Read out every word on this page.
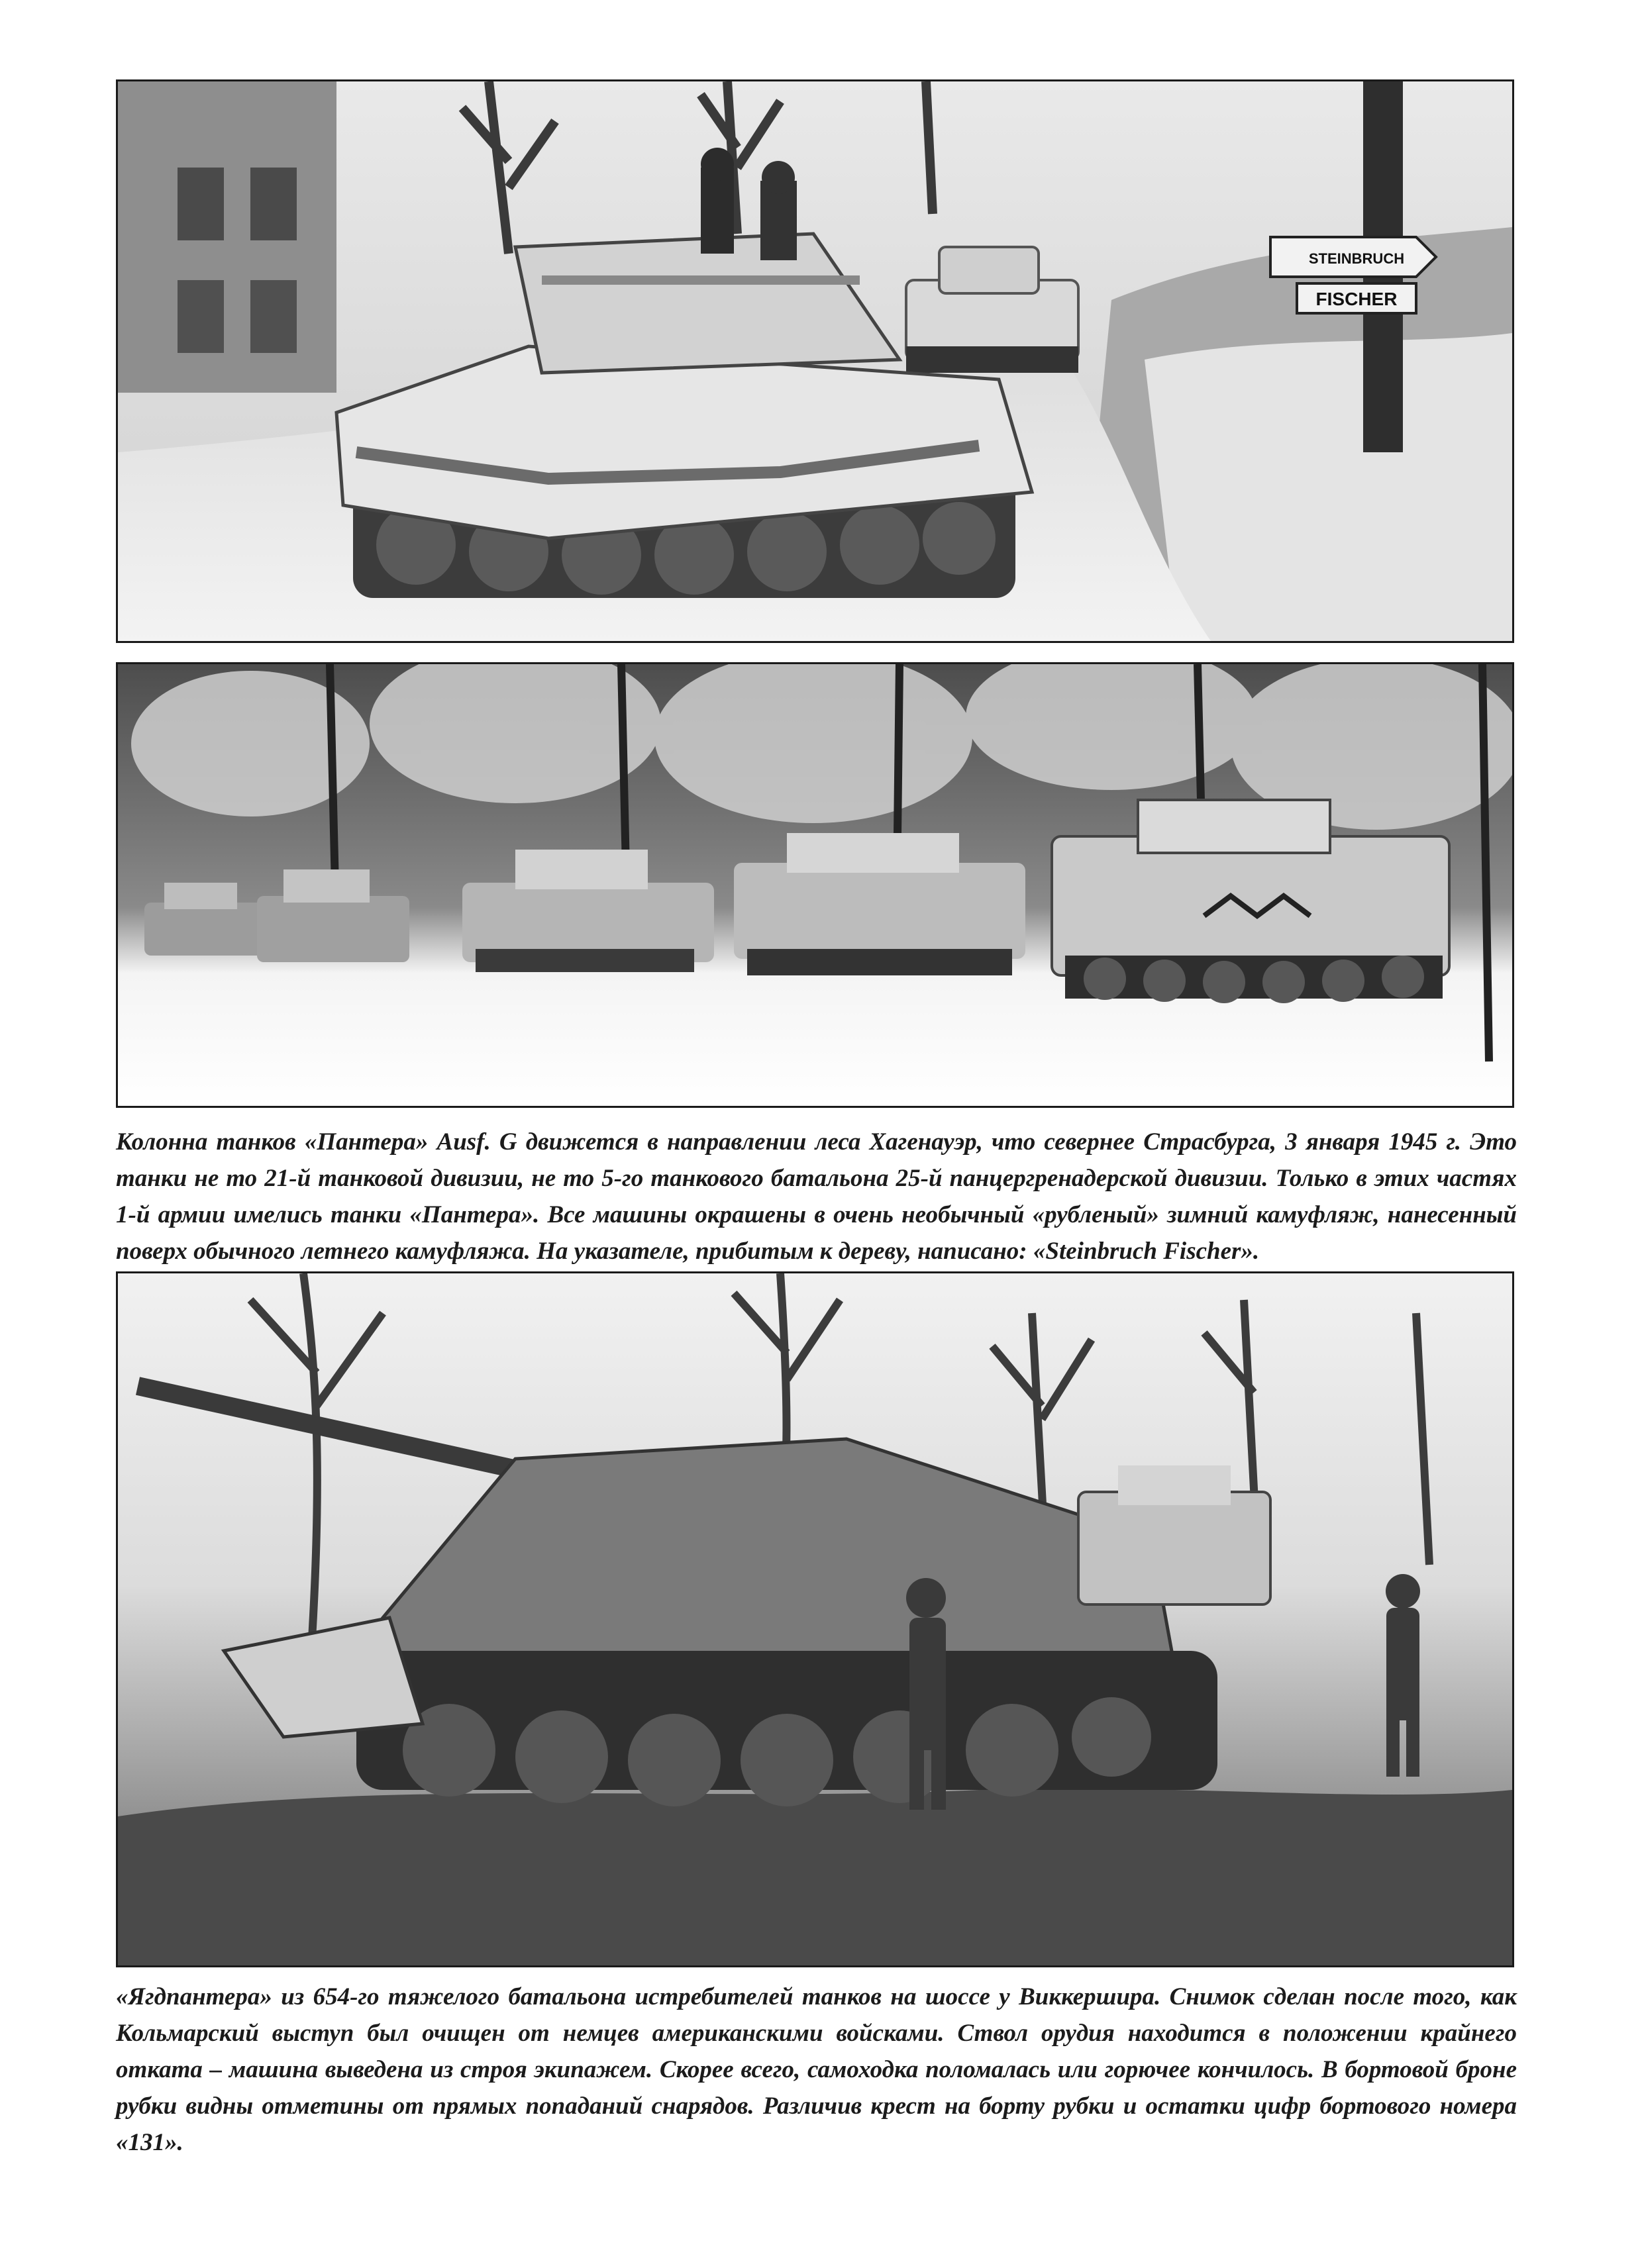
STEINBRUCH
FISCHER
Колонна танков «Пантера» Ausf. G движется в направлении леса Хагенауэр, что севернее Страсбурга, 3 января 1945 г. Это танки не то 21-й танковой дивизии, не то 5-го танкового батальона 25-й панцергренадерской дивизии. Только в этих частях 1-й армии имелись танки «Пантера». Все машины окрашены в очень необычный «рубленый» зимний камуфляж, нанесенный поверх обычного летнего камуфляжа. На указателе, прибитым к дереву, написано: «Steinbruch Fischer».
«Ягдпантера» из 654-го тяжелого батальона истребителей танков на шоссе у Виккершира. Снимок сделан после того, как Кольмарский выступ был очищен от немцев американскими войсками. Ствол орудия находится в положении крайнего отката – машина выведена из строя экипажем. Скорее всего, самоходка поломалась или горючее кончилось. В бортовой броне рубки видны отметины от прямых попаданий снарядов. Различив крест на борту рубки и остатки цифр бортового номера «131».
